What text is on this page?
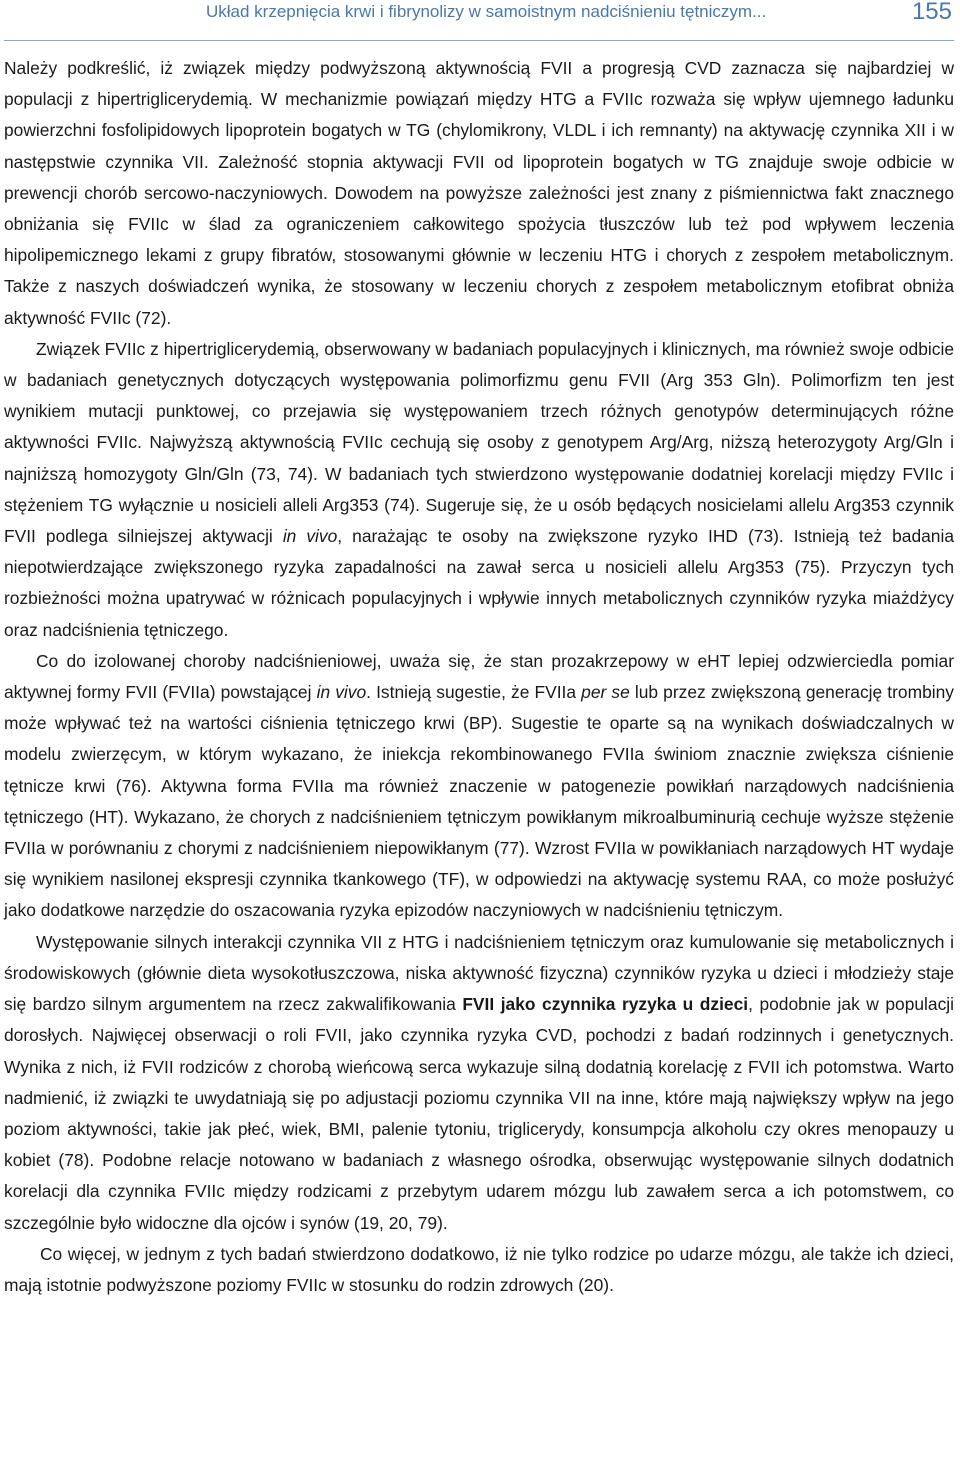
Układ krzepnięcia krwi i fibrynolizy w samoistnym nadciśnieniu tętniczym...	155

Należy podkreślić, iż związek między podwyższoną aktywnością FVII a progresją CVD zaznacza się najbardziej w populacji z hipertriglicerydemią. W mechanizmie powiązań między HTG a FVIIc rozważa się wpływ ujemnego ładunku powierzchni fosfolipidowych lipoprotein bogatych w TG (chylomikrony, VLDL i ich remnanty) na aktywację czynnika XII i w następstwie czynnika VII. Zależność stopnia aktywacji FVII od lipoprotein bogatych w TG znajduje swoje odbicie w prewencji chorób sercowo-naczyniowych. Dowodem na powyższe zależności jest znany z piśmiennictwa fakt znacznego obniżania się FVIIc w ślad za ograniczeniem całkowitego spożycia tłuszczów lub też pod wpływem leczenia hipolipemicznego lekami z grupy fibratów, stosowanymi głównie w leczeniu HTG i chorych z zespołem metabolicznym. Także z naszych doświadczeń wynika, że stosowany w leczeniu chorych z zespołem metabolicznym etofibrat obniża aktywność FVIIc (72).

Związek FVIIc z hipertriglicerydemią, obserwowany w badaniach populacyjnych i klinicznych, ma również swoje odbicie w badaniach genetycznych dotyczących występowania polimorfizmu genu FVII (Arg 353 Gln). Polimorfizm ten jest wynikiem mutacji punktowej, co przejawia się występowaniem trzech różnych genotypów determinujących różne aktywności FVIIc. Najwyższą aktywnością FVIIc cechują się osoby z genotypem Arg/Arg, niższą heterozygoty Arg/Gln i najniższą homozygoty Gln/Gln (73, 74). W badaniach tych stwierdzono występowanie dodatniej korelacji między FVIIc i stężeniem TG wyłącznie u nosicieli alleli Arg353 (74). Sugeruje się, że u osób będących nosicielami allelu Arg353 czynnik FVII podlega silniejszej aktywacji in vivo, narażając te osoby na zwiększone ryzyko IHD (73). Istnieją też badania niepotwierdzające zwiększonego ryzyka zapadalności na zawał serca u nosicieli allelu Arg353 (75). Przyczyn tych rozbieżności można upatrywać w różnicach populacyjnych i wpływie innych metabolicznych czynników ryzyka miażdżycy oraz nadciśnienia tętniczego.

Co do izolowanej choroby nadciśnieniowej, uważa się, że stan prozakrzepowy w eHT lepiej odzwierciedla pomiar aktywnej formy FVII (FVIIa) powstającej in vivo. Istnieją sugestie, że FVIIa per se lub przez zwiększoną generację trombiny może wpływać też na wartości ciśnienia tętniczego krwi (BP). Sugestie te oparte są na wynikach doświadczalnych w modelu zwierzęcym, w którym wykazano, że iniekcja rekombinowanego FVIIa świniom znacznie zwiększa ciśnienie tętnicze krwi (76). Aktywna forma FVIIa ma również znaczenie w patogenezie powikłań narządowych nadciśnienia tętniczego (HT). Wykazano, że chorych z nadciśnieniem tętniczym powikłanym mikroalbuminurią cechuje wyższe stężenie FVIIa w porównaniu z chorymi z nadciśnieniem niepowikłanym (77). Wzrost FVIIa w powikłaniach narządowych HT wydaje się wynikiem nasilonej ekspresji czynnika tkankowego (TF), w odpowiedzi na aktywację systemu RAA, co może posłużyć jako dodatkowe narzędzie do oszacowania ryzyka epizodów naczyniowych w nadciśnieniu tętniczym.

Występowanie silnych interakcji czynnika VII z HTG i nadciśnieniem tętniczym oraz kumulowanie się metabolicznych i środowiskowych (głównie dieta wysokotłuszczowa, niska aktywność fizyczna) czynników ryzyka u dzieci i młodzieży staje się bardzo silnym argumentem na rzecz zakwalifikowania FVII jako czynnika ryzyka u dzieci, podobnie jak w populacji dorosłych. Najwięcej obserwacji o roli FVII, jako czynnika ryzyka CVD, pochodzi z badań rodzinnych i genetycznych. Wynika z nich, iż FVII rodziców z chorobą wieńcową serca wykazuje silną dodatnią korelację z FVII ich potomstwa. Warto nadmienić, iż związki te uwydatniają się po adjustacji poziomu czynnika VII na inne, które mają największy wpływ na jego poziom aktywności, takie jak płeć, wiek, BMI, palenie tytoniu, triglicerydy, konsumpcja alkoholu czy okres menopauzy u kobiet (78). Podobne relacje notowano w badaniach z własnego ośrodka, obserwując występowanie silnych dodatnich korelacji dla czynnika FVIIc między rodzicami z przebytym udarem mózgu lub zawałem serca a ich potomstwem, co szczególnie było widoczne dla ojców i synów (19, 20, 79).

Co więcej, w jednym z tych badań stwierdzono dodatkowo, iż nie tylko rodzice po udarze mózgu, ale także ich dzieci, mają istotnie podwyższone poziomy FVIIc w stosunku do rodzin zdrowych (20).
